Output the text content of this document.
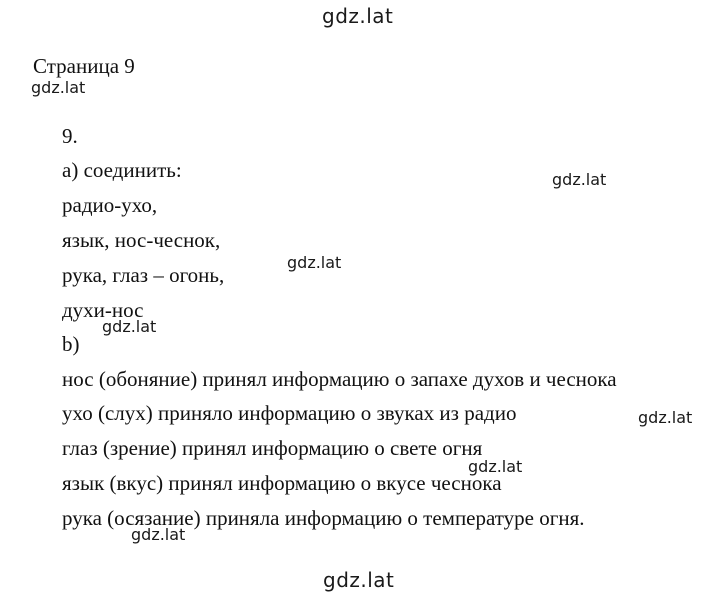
gdz.lat
Страница 9
gdz.lat
9.
а) соединить:	gdz.lat
радио-ухо,
язык, нос-чеснок,
рука, глаз – огонь,
gdz.lat
духи-нос
gdz.lat
b)
нос (обоняние) принял информацию о запахе духов и чеснока
ухо (слух) приняло информацию о звуках из радио	gdz.lat
глаз (зрение) принял информацию о свете огня
gdz.lat
язык (вкус) принял информацию о вкусе чеснока
рука (осязание) приняла информацию о температуре огня.
gdz.lat
gdz.lat
